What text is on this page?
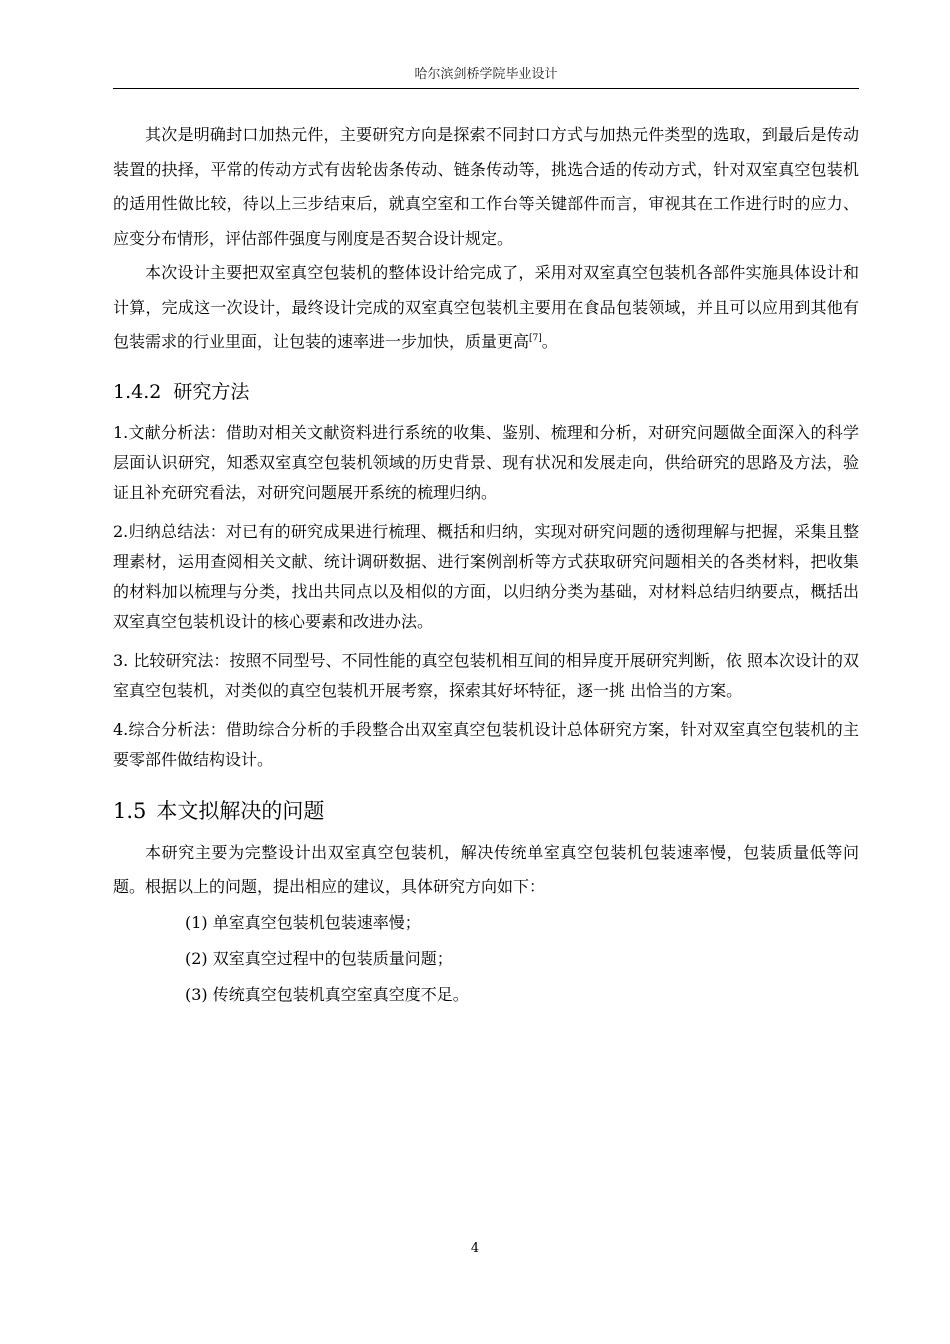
哈尔滨剑桥学院毕业设计

其次是明确封口加热元件，主要研究方向是探索不同封口方式与加热元件类型的选取，到最后是传动装置的抉择，平常的传动方式有齿轮齿条传动、链条传动等，挑选合适的传动方式，针对双室真空包装机的适用性做比较，待以上三步结束后，就真空室和工作台等关键部件而言，审视其在工作进行时的应力、应变分布情形，评估部件强度与刚度是否契合设计规定。

本次设计主要把双室真空包装机的整体设计给完成了，采用对双室真空包装机各部件实施具体设计和计算，完成这一次设计，最终设计完成的双室真空包装机主要用在食品包装领域，并且可以应用到其他有包装需求的行业里面，让包装的速率进一步加快，质量更高[7]。

1.4.2 研究方法

1.文献分析法：借助对相关文献资料进行系统的收集、鉴别、梳理和分析，对研究问题做全面深入的科学层面认识研究，知悉双室真空包装机领域的历史背景、现有状况和发展走向，供给研究的思路及方法，验证且补充研究看法，对研究问题展开系统的梳理归纳。

2.归纳总结法：对已有的研究成果进行梳理、概括和归纳，实现对研究问题的透彻理解与把握，采集且整理素材，运用查阅相关文献、统计调研数据、进行案例剖析等方式获取研究问题相关的各类材料，把收集的材料加以梳理与分类，找出共同点以及相似的方面，以归纳分类为基础，对材料总结归纳要点，概括出双室真空包装机设计的核心要素和改进办法。

3. 比较研究法：按照不同型号、不同性能的真空包装机相互间的相异度开展研究判断，依 照本次设计的双室真空包装机，对类似的真空包装机开展考察，探索其好坏特征，逐一挑 出恰当的方案。

4.综合分析法：借助综合分析的手段整合出双室真空包装机设计总体研究方案，针对双室真空包装机的主要零部件做结构设计。

1.5 本文拟解决的问题

本研究主要为完整设计出双室真空包装机，解决传统单室真空包装机包装速率慢，包装质量低等问题。根据以上的问题，提出相应的建议，具体研究方向如下：

(1) 单室真空包装机包装速率慢；

(2) 双室真空过程中的包装质量问题；

(3) 传统真空包装机真空室真空度不足。

4
